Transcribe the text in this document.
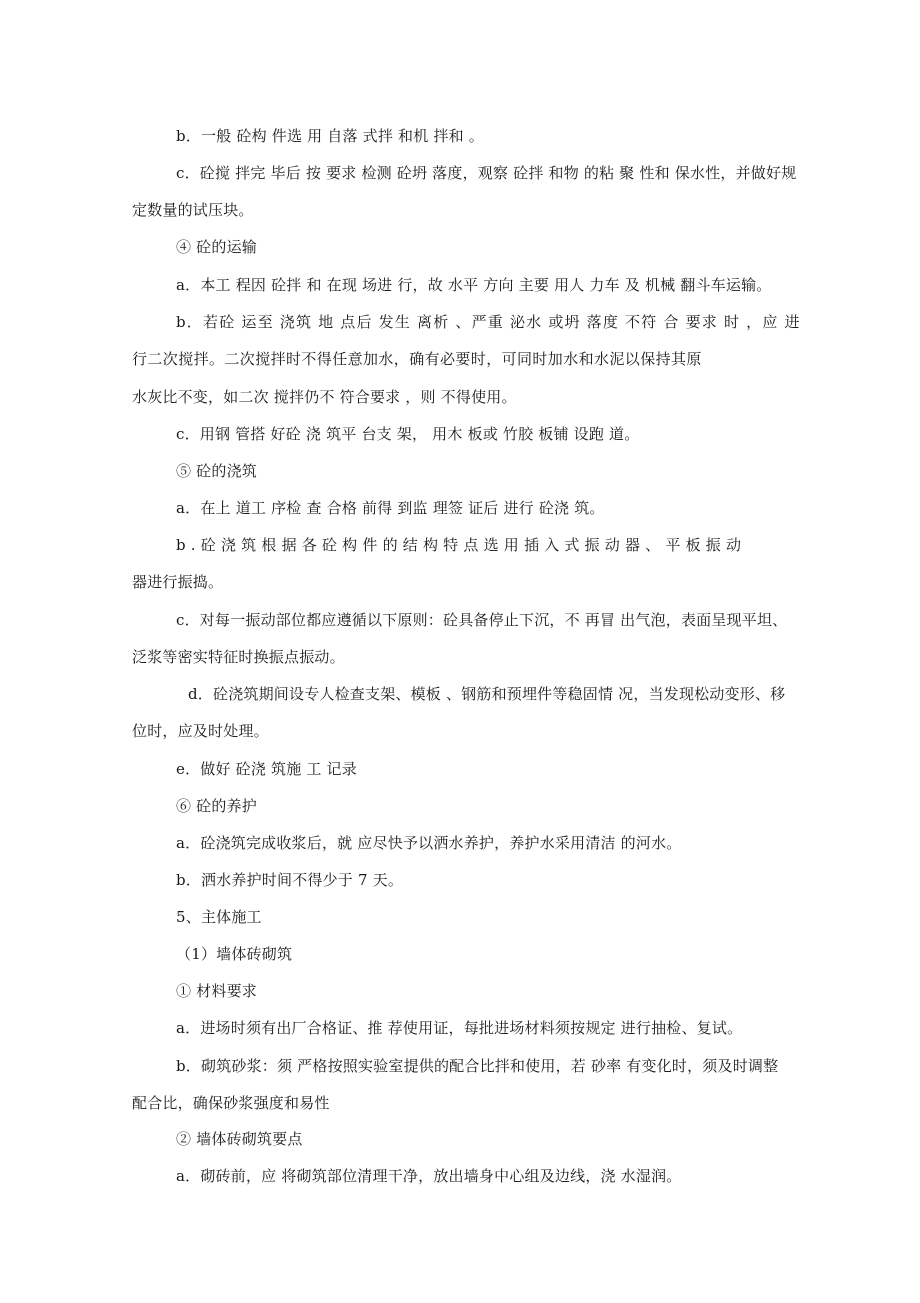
b．一般 砼构 件选 用 自落 式拌 和机 拌和 。
c．砼搅 拌完 毕后 按 要求 检测 砼坍 落度，观察 砼拌 和物 的粘 聚 性和 保水性，并做好规
定数量的试压块。
④ 砼的运输
a．本工 程因 砼拌 和 在现 场进 行，故 水平 方向 主要 用人 力车 及 机械 翻斗车运输。
b．若砼 运至 浇筑 地 点后 发生 离析 、严重 泌水 或坍 落度 不符 合 要求 时 ，应 进
行二次搅拌。二次搅拌时不得任意加水，确有必要时，可同时加水和水泥以保持其原
水灰比不变，如二次 搅拌仍不 符合要求 ，则 不得使用。
c．用钢 管搭 好砼 浇 筑平 台支 架， 用木 板或 竹胶 板铺 设跑 道。
⑤ 砼的浇筑
a．在上 道工 序检 查 合格 前得 到监 理签 证后 进行 砼浇 筑。
b.砼浇筑根据各砼构件的结构特点选用插入式振动器、平板振动
器进行振捣。
c．对每一振动部位都应遵循以下原则：砼具备停止下沉，不 再冒 出气泡，表面呈现平坦、
泛浆等密实特征时换振点振动。
d．砼浇筑期间设专人检查支架、模板 、钢筋和预埋件等稳固情 况，当发现松动变形、移
位时，应及时处理。
e．做好 砼浇 筑施 工 记录
⑥ 砼的养护
a．砼浇筑完成收浆后，就 应尽快予以洒水养护，养护水采用清洁 的河水。
b．洒水养护时间不得少于 7 天。
5、主体施工
（1）墙体砖砌筑
① 材料要求
a．进场时须有出厂合格证、推 荐使用证，每批进场材料须按规定 进行抽检、复试。
b．砌筑砂浆：须 严格按照实验室提供的配合比拌和使用，若 砂率 有变化时，须及时调整
配合比，确保砂浆强度和易性
② 墙体砖砌筑要点
a．砌砖前，应 将砌筑部位清理干净，放出墙身中心组及边线，浇 水湿润。
